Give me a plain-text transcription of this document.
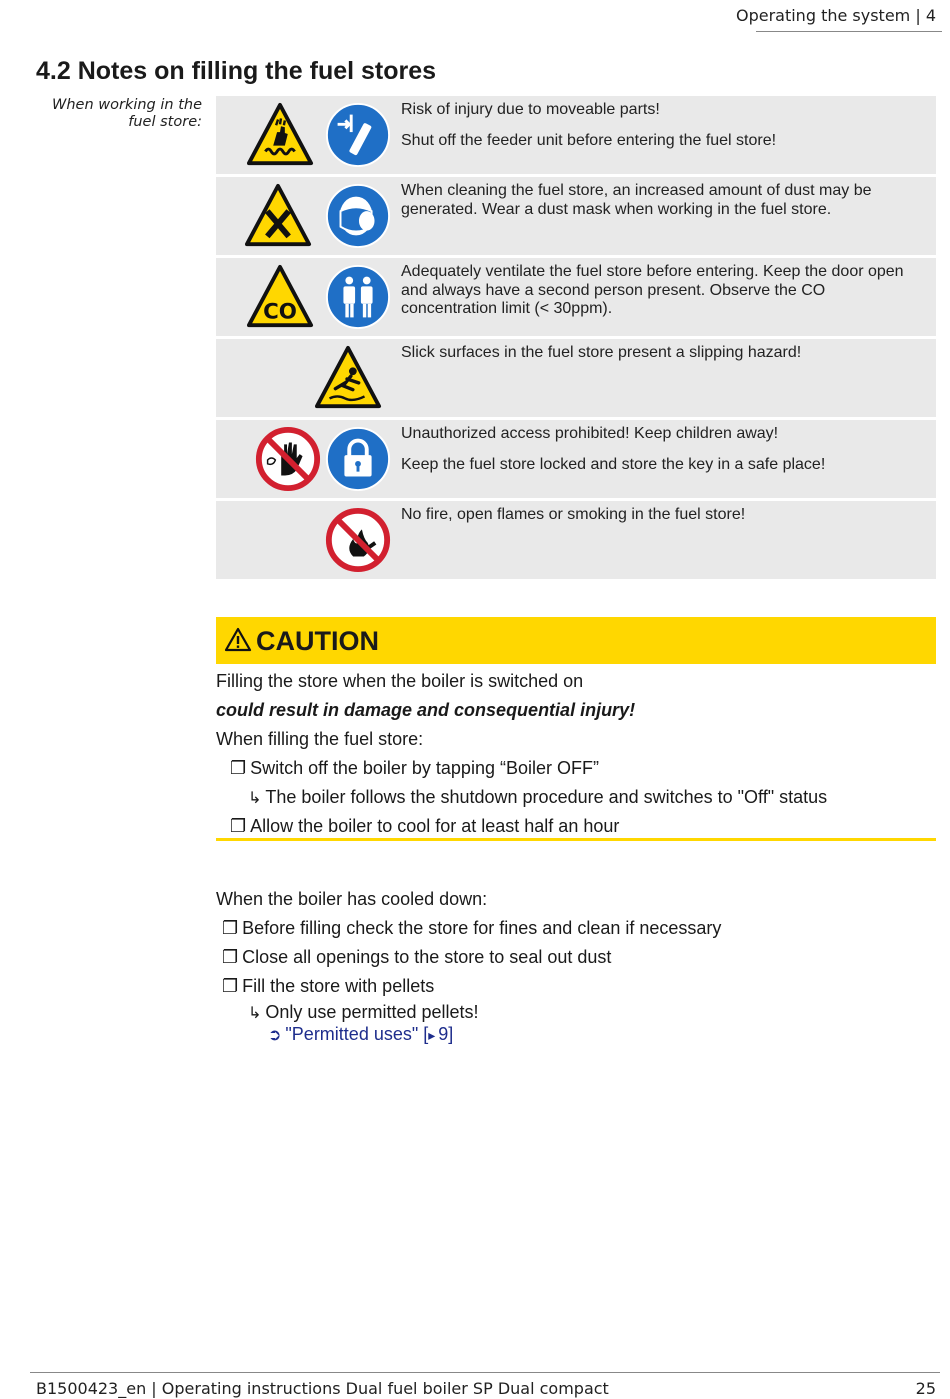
Operating the system | 4
4.2 Notes on filling the fuel stores
When working in the fuel store:

Risk of injury due to moveable parts!

Shut off the feeder unit before entering the fuel store!

When cleaning the fuel store, an increased amount of dust may be generated. Wear a dust mask when working in the fuel store.

CO

Adequately ventilate the fuel store before entering. Keep the door open and always have a second person present. Observe the CO concentration limit (< 30ppm).

Slick surfaces in the fuel store present a slipping hazard!

Unauthorized access prohibited! Keep children away!

Keep the fuel store locked and store the key in a safe place!

No fire, open flames or smoking in the fuel store!

CAUTION
Filling the store when the boiler is switched on
could result in damage and consequential injury!
When filling the fuel store:
❐ Switch off the boiler by tapping “Boiler OFF”
↳ The boiler follows the shutdown procedure and switches to "Off" status
❐ Allow the boiler to cool for at least half an hour
When the boiler has cooled down:
❐ Before filling check the store for fines and clean if necessary
❐ Close all openings to the store to seal out dust
❐ Fill the store with pellets
↳ Only use permitted pellets!
➲ "Permitted uses" [▸ 9]
B1500423_en | Operating instructions Dual fuel boiler SP Dual compact	25
